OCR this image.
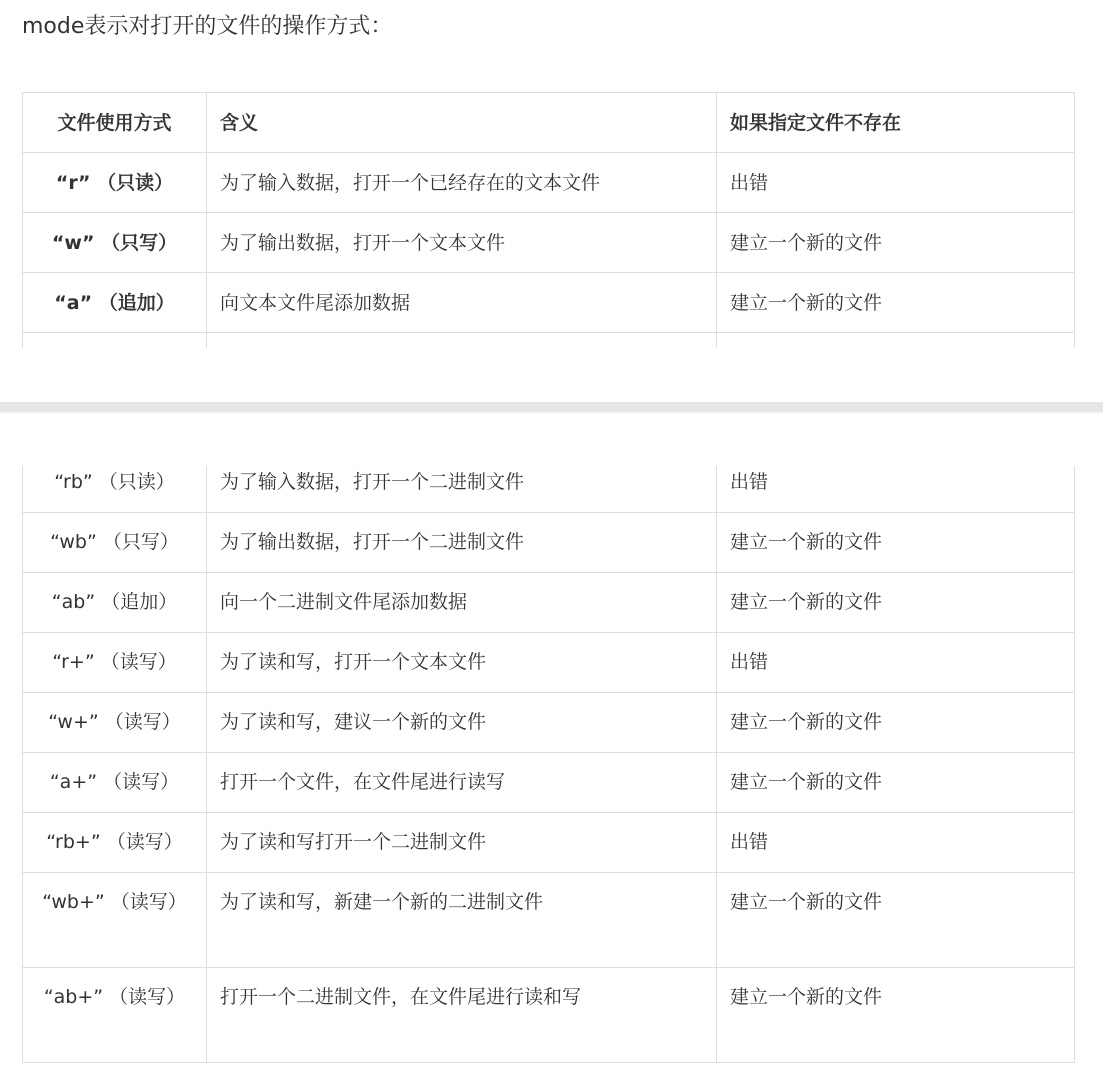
mode表示对打开的文件的操作方式：

文件使用方式	含义	如果指定文件不存在
“r” （只读）	为了输入数据，打开一个已经存在的文本文件	出错
“w” （只写）	为了输出数据，打开一个文本文件	建立一个新的文件
“a” （追加）	向文本文件尾添加数据	建立一个新的文件

“rb” （只读）	为了输入数据，打开一个二进制文件	出错
“wb” （只写）	为了输出数据，打开一个二进制文件	建立一个新的文件
“ab” （追加）	向一个二进制文件尾添加数据	建立一个新的文件
“r+” （读写）	为了读和写，打开一个文本文件	出错
“w+” （读写）	为了读和写，建议一个新的文件	建立一个新的文件
“a+” （读写）	打开一个文件，在文件尾进行读写	建立一个新的文件
“rb+” （读写）	为了读和写打开一个二进制文件	出错
“wb+” （读写）	为了读和写，新建一个新的二进制文件	建立一个新的文件
“ab+” （读写）	打开一个二进制文件，在文件尾进行读和写	建立一个新的文件
